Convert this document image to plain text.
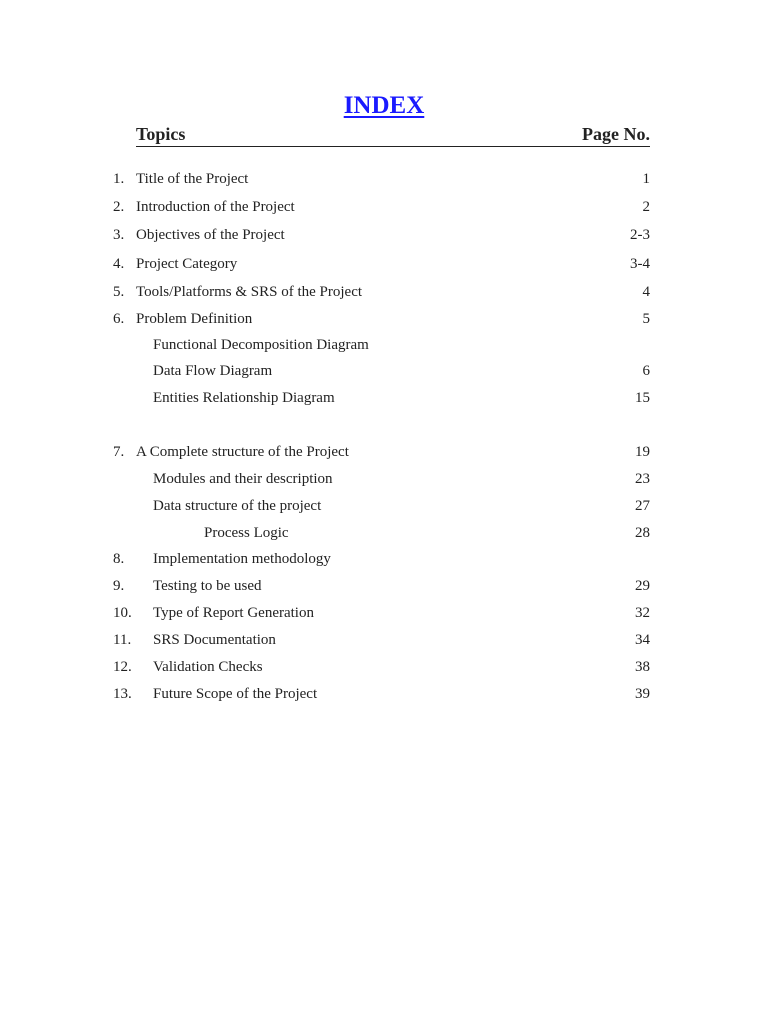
INDEX
Topics	Page No.
1. Title of the Project	1
2. Introduction of the Project	2
3. Objectives of the Project	2-3
4. Project Category	3-4
5. Tools/Platforms & SRS of the Project	4
6. Problem Definition	5
Functional Decomposition Diagram
Data Flow Diagram	6
Entities Relationship Diagram	15
7. A Complete structure of the Project	19
Modules and their description	23
Data structure of the project	27
Process Logic	28
8. Implementation methodology
9. Testing to be used	29
10. Type of Report Generation	32
11. SRS Documentation	34
12. Validation Checks	38
13. Future Scope of the Project	39
